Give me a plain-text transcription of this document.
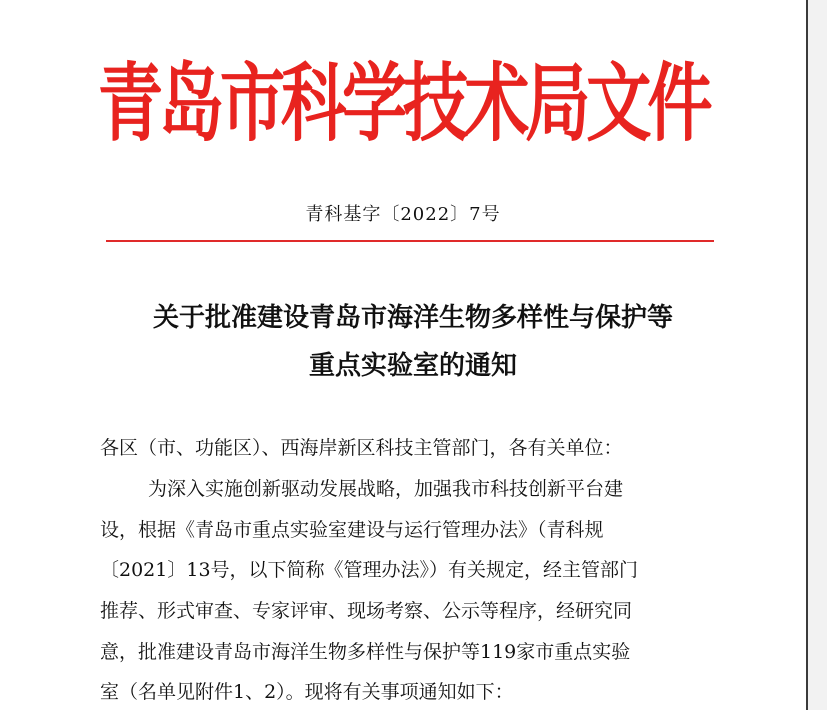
青岛市科学技术局文件
青科基字〔2022〕7号
关于批准建设青岛市海洋生物多样性与保护等
重点实验室的通知
各区（市、功能区）、西海岸新区科技主管部门，各有关单位：
为深入实施创新驱动发展战略，加强我市科技创新平台建
设，根据《青岛市重点实验室建设与运行管理办法》（青科规
〔2021〕13号，以下简称《管理办法》）有关规定，经主管部门
推荐、形式审查、专家评审、现场考察、公示等程序，经研究同
意，批准建设青岛市海洋生物多样性与保护等119家市重点实验
室（名单见附件1、2）。现将有关事项通知如下：
